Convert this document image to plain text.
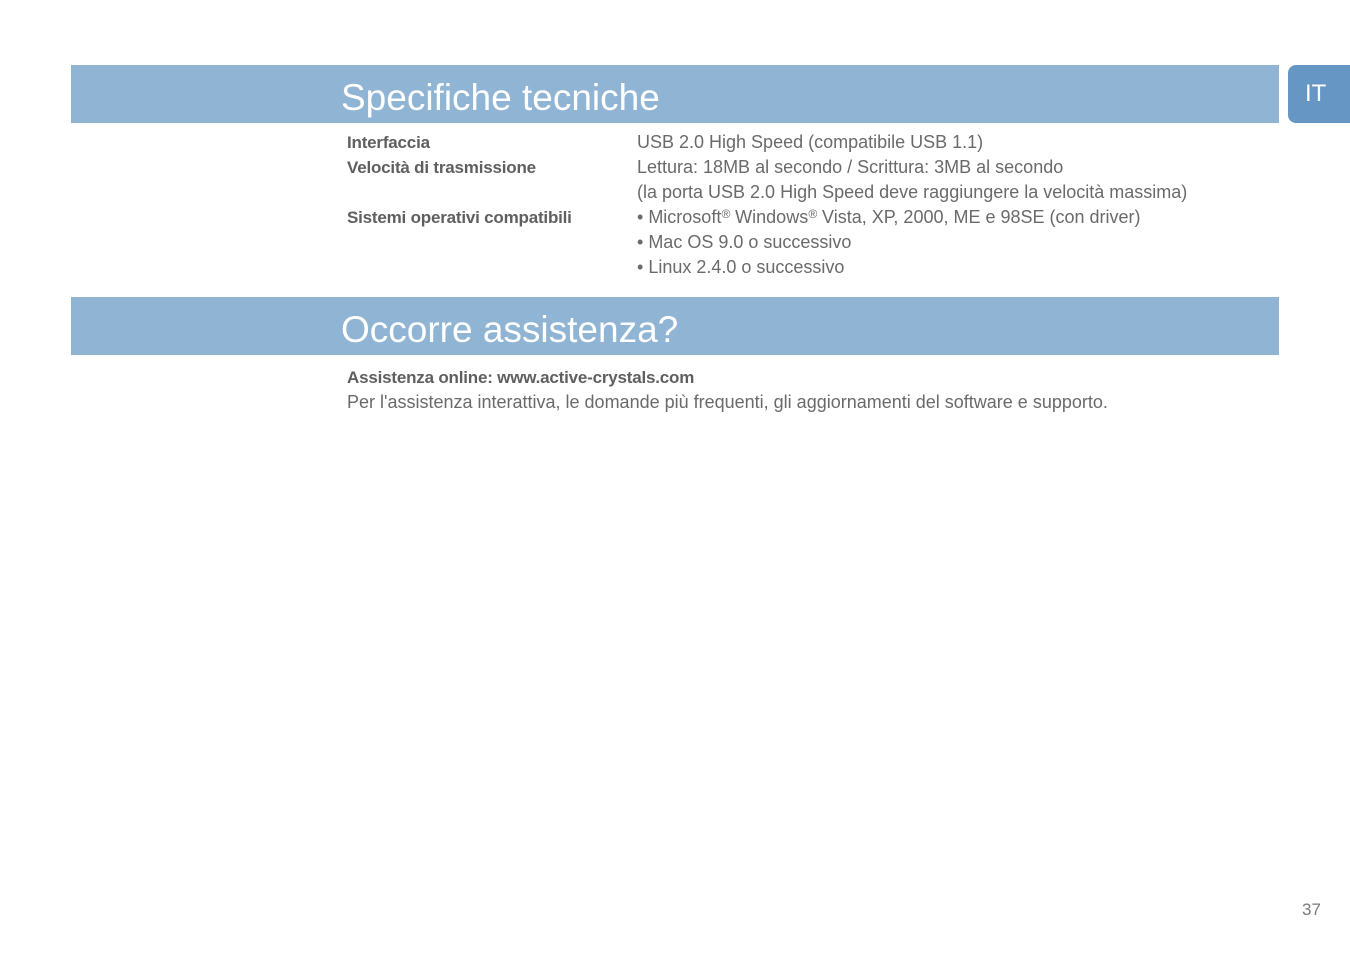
Specifiche tecniche	IT
Interfaccia	USB 2.0 High Speed (compatibile USB 1.1)
Velocità di trasmissione	Lettura: 18MB al secondo / Scrittura: 3MB al secondo
(la porta USB 2.0 High Speed deve raggiungere la velocità massima)
Sistemi operativi compatibili
•	Microsoft® Windows® Vista, XP, 2000, ME e 98SE (con driver)
• Mac OS 9.0 o successivo
• Linux 2.4.0 o successivo
Occorre assistenza?
Assistenza online: www.active-crystals.com
Per l'assistenza interattiva, le domande più frequenti, gli aggiornamenti del software e supporto.
37
